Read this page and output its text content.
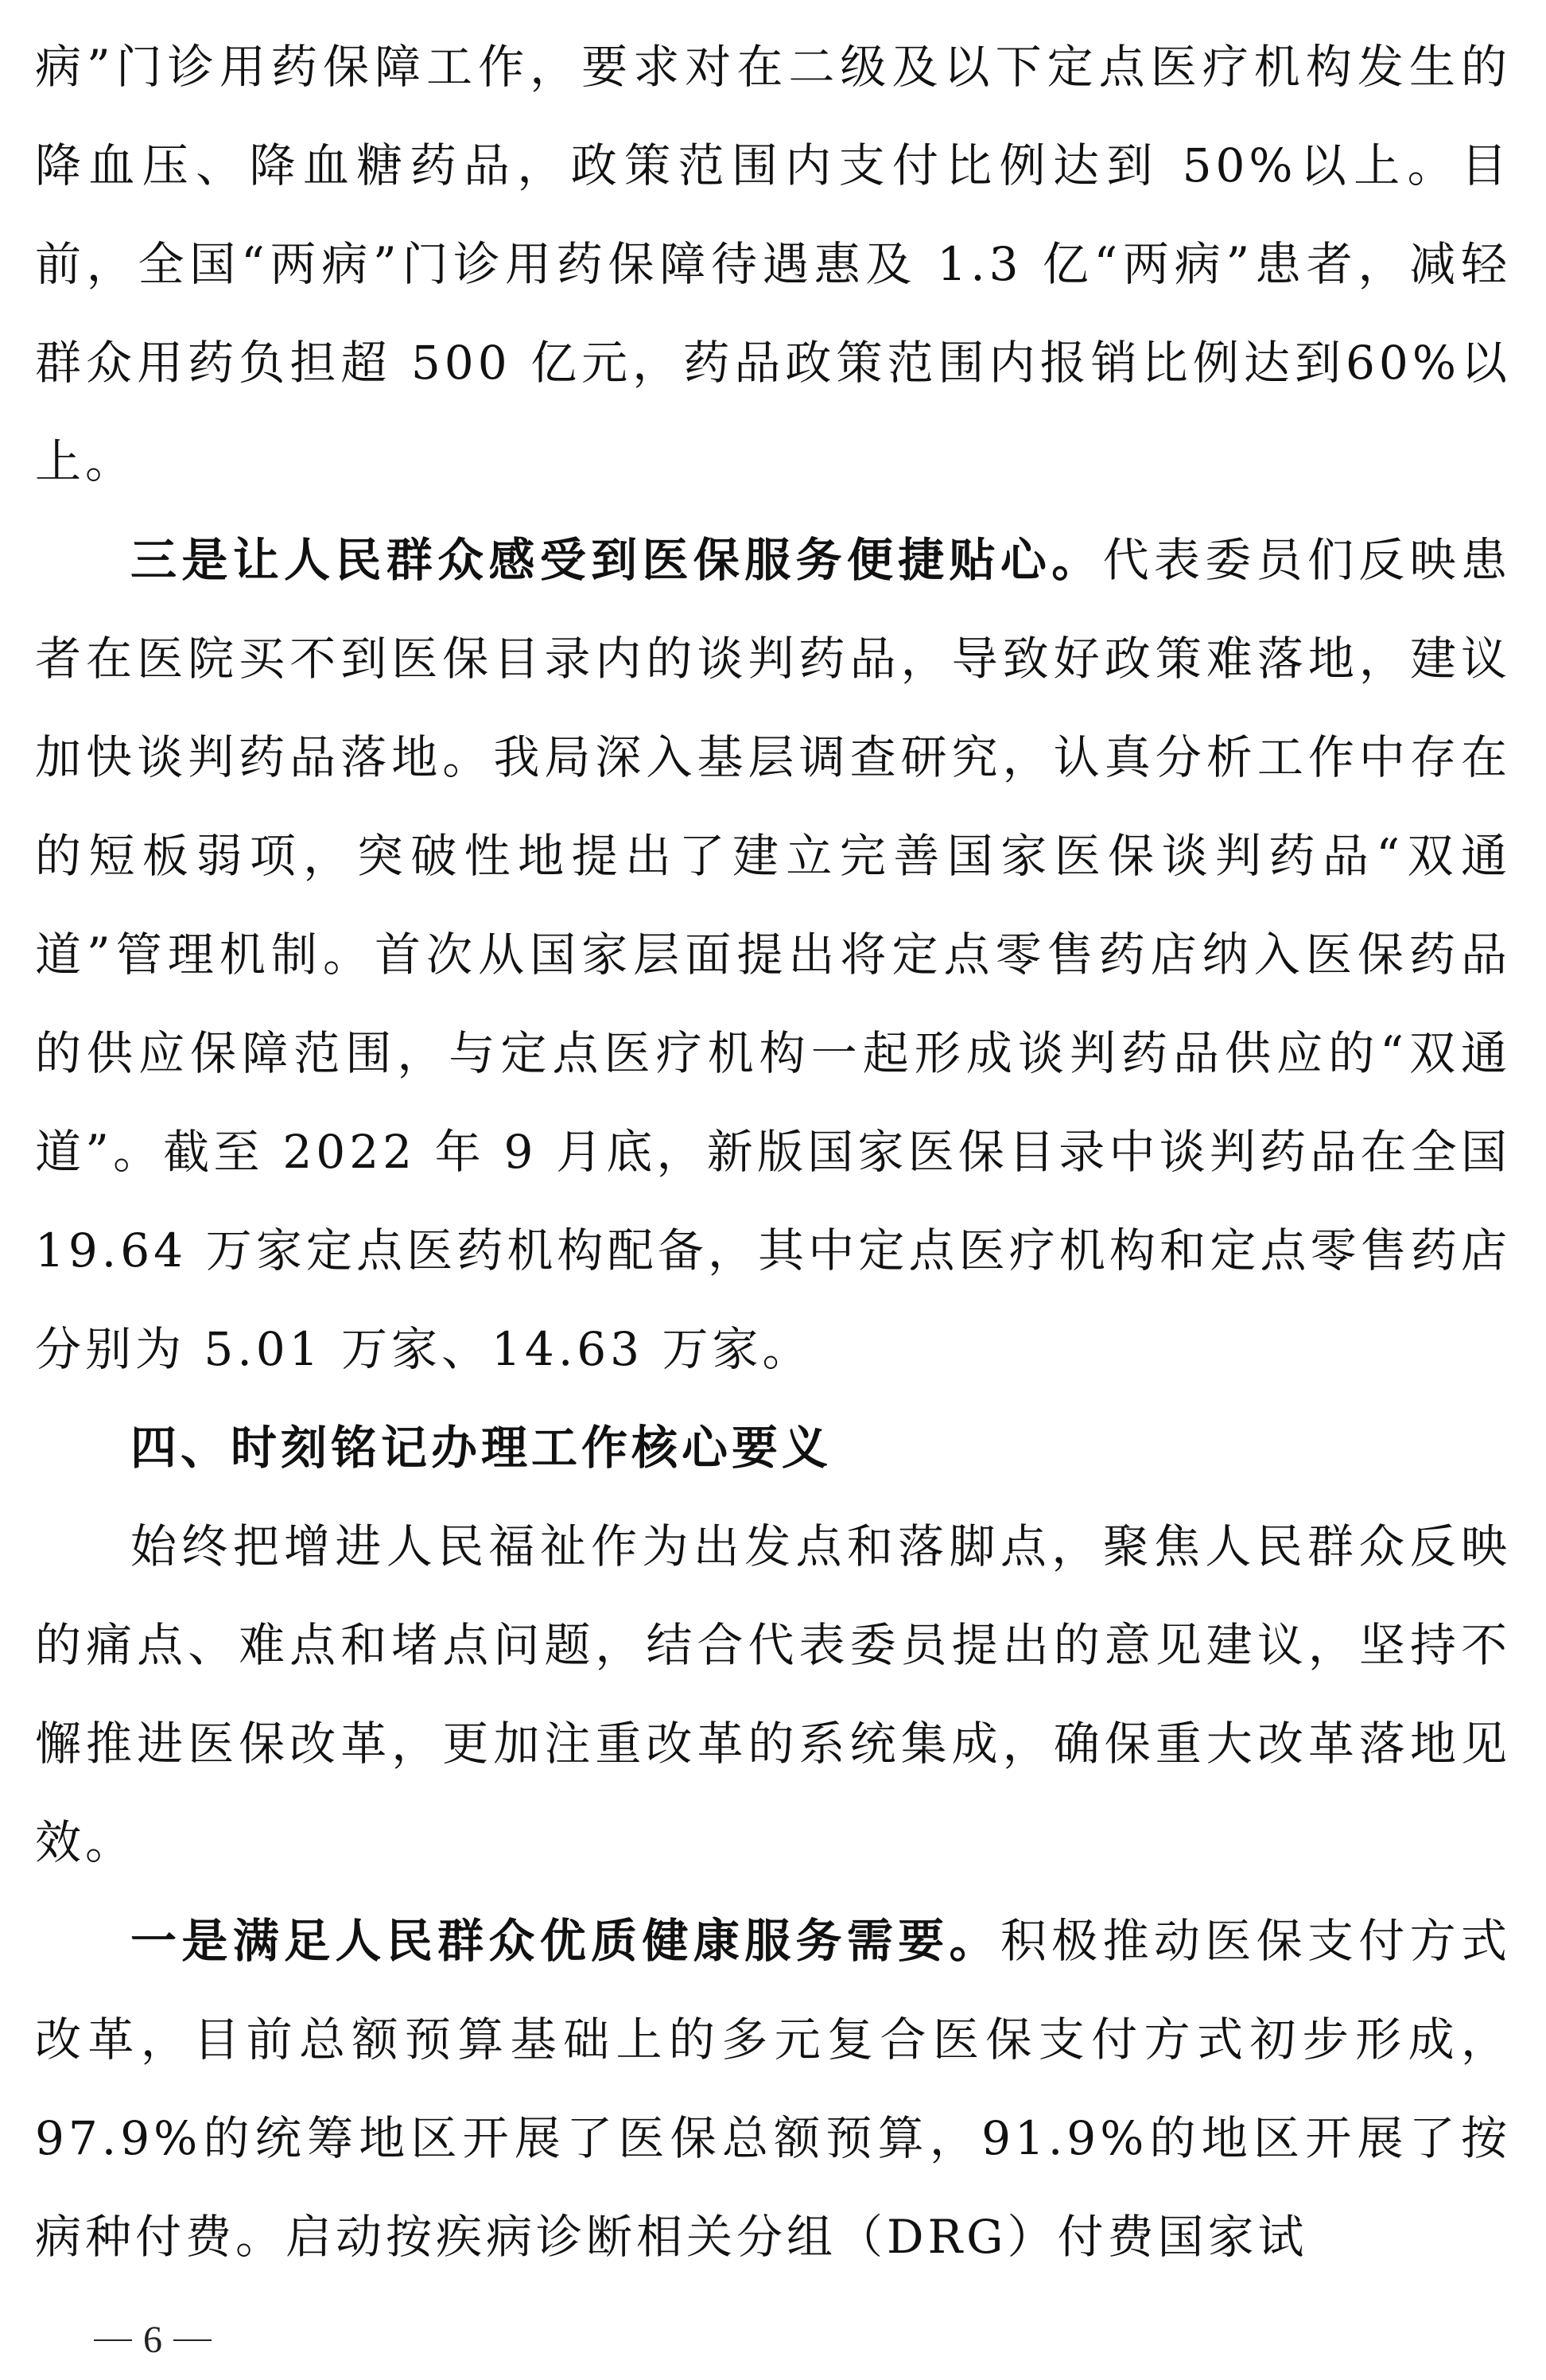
病”门诊用药保障工作，要求对在二级及以下定点医疗机构发生的降血压、降血糖药品，政策范围内支付比例达到 50%以上。目前，全国“两病”门诊用药保障待遇惠及 1.3 亿“两病”患者，减轻群众用药负担超 500 亿元，药品政策范围内报销比例达到60%以上。

三是让人民群众感受到医保服务便捷贴心。代表委员们反映患者在医院买不到医保目录内的谈判药品，导致好政策难落地，建议加快谈判药品落地。我局深入基层调查研究，认真分析工作中存在的短板弱项，突破性地提出了建立完善国家医保谈判药品“双通道”管理机制。首次从国家层面提出将定点零售药店纳入医保药品的供应保障范围，与定点医疗机构一起形成谈判药品供应的“双通道”。截至 2022 年 9 月底，新版国家医保目录中谈判药品在全国 19.64 万家定点医药机构配备，其中定点医疗机构和定点零售药店分别为 5.01 万家、14.63 万家。

四、时刻铭记办理工作核心要义

始终把增进人民福祉作为出发点和落脚点，聚焦人民群众反映的痛点、难点和堵点问题，结合代表委员提出的意见建议，坚持不懈推进医保改革，更加注重改革的系统集成，确保重大改革落地见效。

一是满足人民群众优质健康服务需要。积极推动医保支付方式改革，目前总额预算基础上的多元复合医保支付方式初步形成，97.9%的统筹地区开展了医保总额预算，91.9%的地区开展了按病种付费。启动按疾病诊断相关分组（DRG）付费国家试

6
